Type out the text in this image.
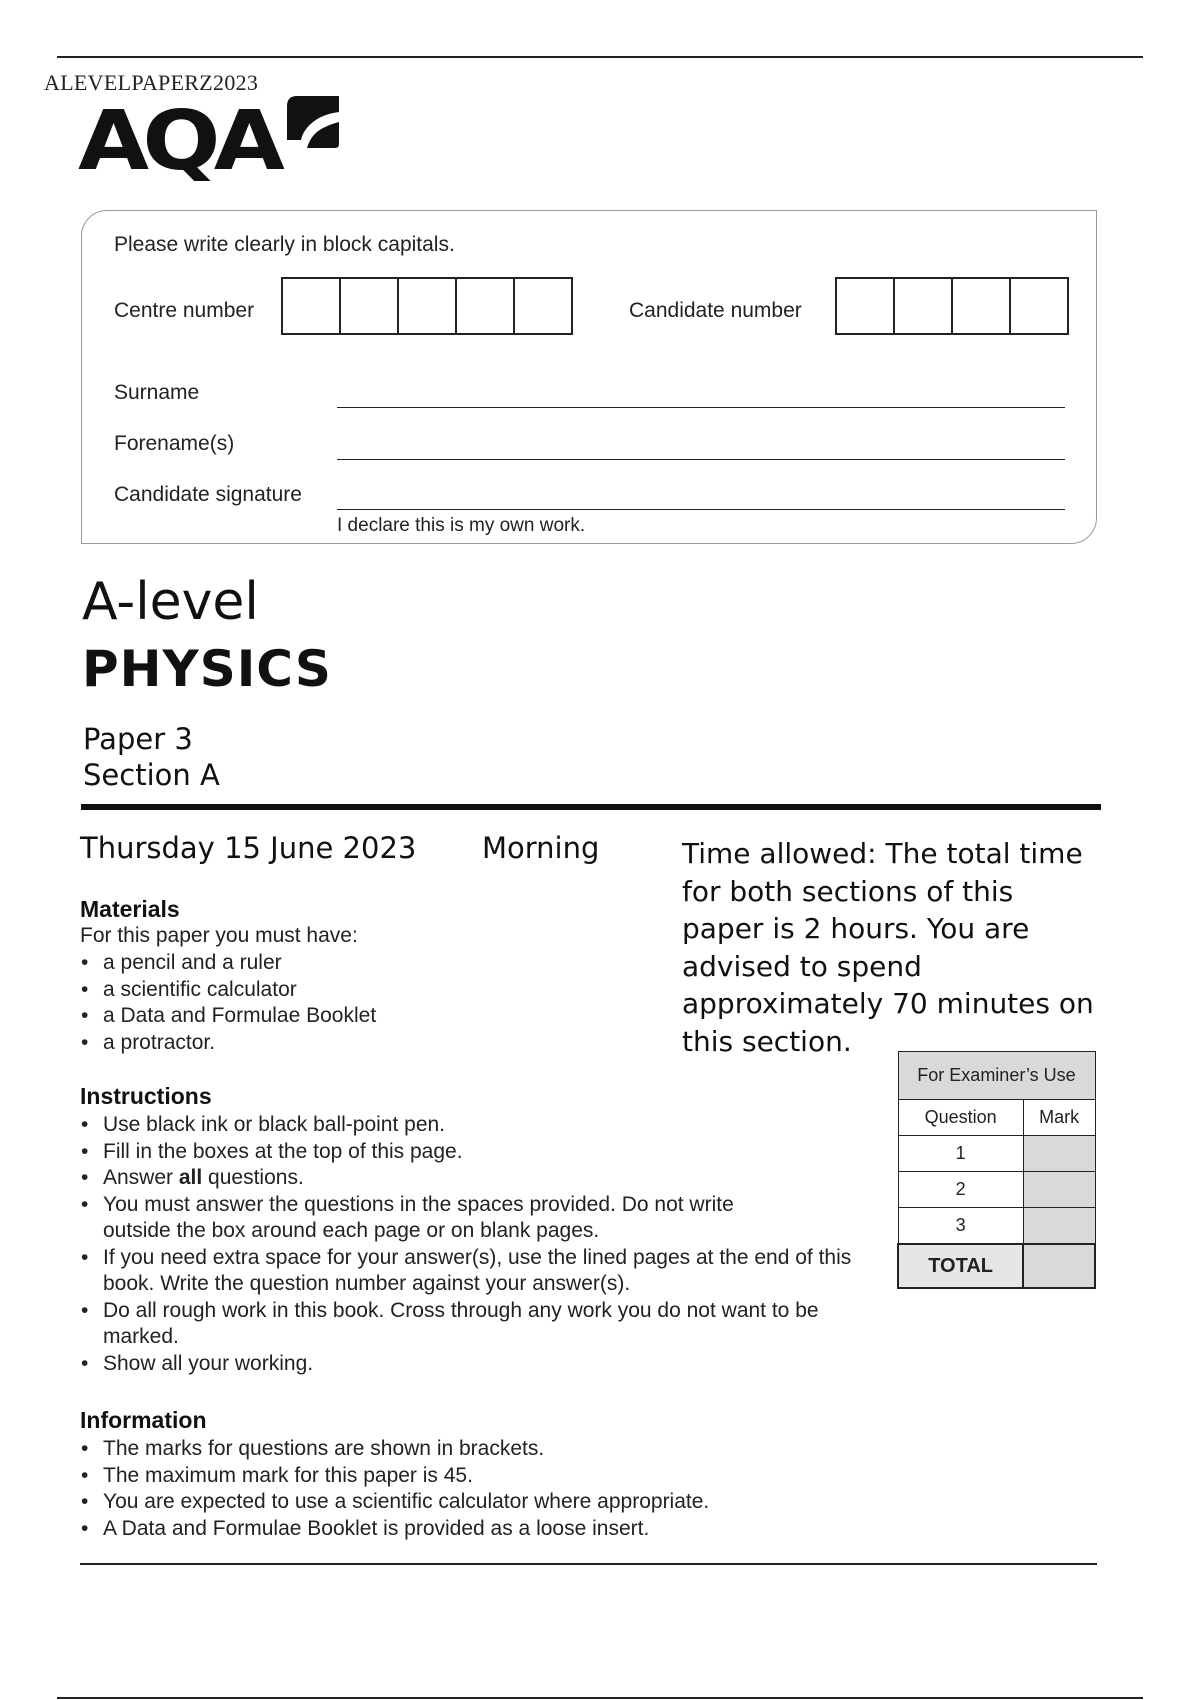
ALEVELPAPERZ2023
AQA
Please write clearly in block capitals.
Centre number	Candidate number
Surname
Forename(s)
Candidate signature
I declare this is my own work.
A-level
PHYSICS
Paper 3
Section A
Thursday 15 June 2023 Morning	Time allowed: The total time for both sections of this paper is 2 hours. You are advised to spend approximately 70 minutes on this section.
Materials
For this paper you must have:
• a pencil and a ruler
• a scientific calculator
• a Data and Formulae Booklet
• a protractor.
Instructions
• Use black ink or black ball-point pen.
• Fill in the boxes at the top of this page.
• Answer all questions.
• You must answer the questions in the spaces provided. Do not write outside the box around each page or on blank pages.
• If you need extra space for your answer(s), use the lined pages at the end of this book. Write the question number against your answer(s).
• Do all rough work in this book. Cross through any work you do not want to be marked.
• Show all your working.
Information
• The marks for questions are shown in brackets.
• The maximum mark for this paper is 45.
• You are expected to use a scientific calculator where appropriate.
• A Data and Formulae Booklet is provided as a loose insert.
For Examiner’s Use	
Question	Mark
1	
2	
3	
TOTAL	
